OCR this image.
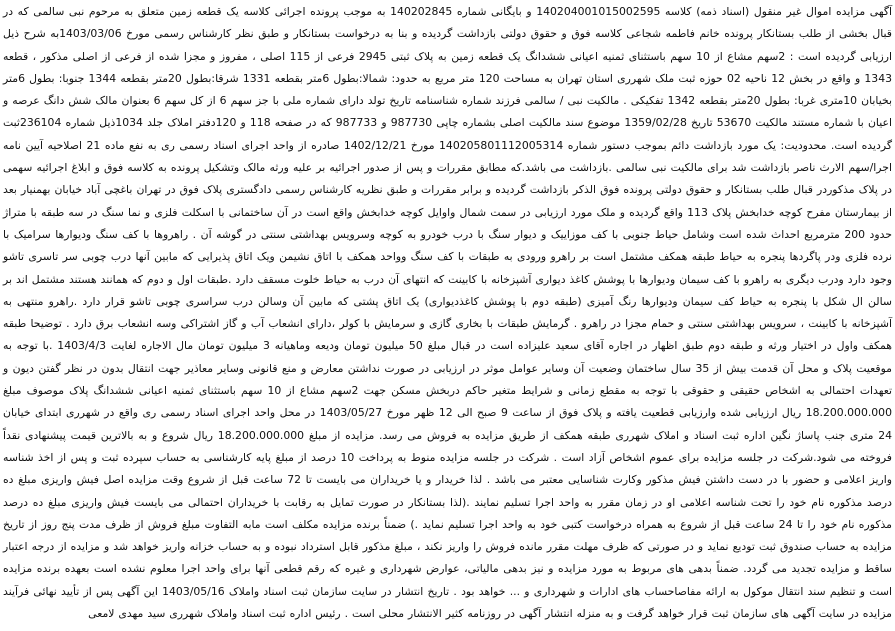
آگهی مزایده اموال غیر منقول (اسناد ذمه) کلاسه 140204001015002595 و بایگانی شماره 140202845 به موجب پرونده اجرائی کلاسه یک قطعه زمین متعلق به مرحوم نبی سالمی که در قبال بخشی از طلب بستانکار پرونده خانم فاطمه شجاعی کلاسه فوق و حقوق دولتی بازداشت گردیده و بنا به درخواست بستانکار و طبق نظر کارشناس رسمی مورخ 1403/03/06به شرح ذیل ارزیابی گردیده است : 2سهم مشاع از 10 سهم باستثنای ثمنیه اعیانی ششدانگ یک قطعه زمین به پلاک ثبتی 2945 فرعی از 115 اصلی ، مفروز و مجزا شده از فرعی از اصلی مذکور ، قطعه 1343 و واقع در بخش 12 ناحیه 02 حوزه ثبت ملک شهرری استان تهران به مساحت 120 متر مربع به حدود: شمالا:بطول 6متر بقطعه 1331 شرقا:بطول 20متر بقطعه 1344 جنوبا: بطول 6متر بخیابان 10متری غربا: بطول 20متر بقطعه 1342 تفکیکی . مالکیت نبی / سالمی فرزند شماره شناسنامه تاریخ تولد دارای شماره ملی با جز سهم 6 از کل سهم 6 بعنوان مالک شش دانگ عرصه و اعیان با شماره مستند مالکیت 53670 تاریخ 1359/02/28 موضوع سند مالکیت اصلی بشماره چاپی 987730 و 987733 که در صفحه 118 و 120دفتر املاک جلد 1034ذیل شماره 236104ثبت گردیده است. محدودیت: یک مورد بازداشت دائم بموجب دستور شماره 140205801112005314 مورخ 1402/12/21 صادره از واحد اجرای اسناد رسمی ری به نفع ماده 21 اصلاحیه آیین نامه اجرا/سهم الارث ناصر بازداشت شد برای مالکیت نبی سالمی .بازداشت می باشد.که مطابق مقررات و پس از صدور اجرائیه بر علیه ورثه مالک وتشکیل پرونده به کلاسه فوق و ابلاغ اجرائیه سهمی در پلاک مذکوردر قبال طلب بستانکار و حقوق دولتی پرونده فوق الذکر بازداشت گردیده و برابر مقررات و طبق نظریه کارشناس رسمی دادگستری پلاک فوق در تهران باغچی آباد خیابان بهمنیار بعد از بیمارستان مفرح کوچه خدابخش پلاک 113 واقع گردیده و ملک مورد ارزیابی در سمت شمال واوایل کوچه خدابخش واقع است در آن ساختمانی با اسکلت فلزی و نما سنگ در سه طبقه با متراژ حدود 200 مترمربع احداث شده است وشامل حیاط جنوبی با کف موزاییک و دیوار سنگ با درب خودرو به کوچه وسرویس بهداشتی سنتی در گوشه آن . راهروها با کف سنگ ودیوارها سرامیک با نرده فلزی ودر پاگردها پنجره به حیاط طبقه همکف مشتمل است بر راهرو ورودی به طبقات با کف سنگ وواحد همکف با اتاق نشیمن ویک اتاق پذیرایی که مابین آنها درب چوبی سر تاسری تاشو وجود دارد ودرب دیگری به راهرو با کف سیمان ودیوارها با پوشش کاغذ دیواری آشپزخانه با کابینت که انتهای آن درب به حیاط خلوت مسقف دارد .طبقات اول و دوم که همانند هستند مشتمل اند بر سالن ال شکل با پنجره به حیاط کف سیمان ودیوارها رنگ آمیزی (طبقه دوم با پوشش کاغذدیواری) یک اتاق پشتی که مابین آن وسالن درب سراسری چوبی تاشو قرار دارد .راهرو منتهی به آشپزخانه با کابینت ، سرویس بهداشتی سنتی و حمام مجزا در راهرو . گرمایش طبقات با بخاری گازی و سرمایش با کولر ،دارای انشعاب آب و گاز اشتراکی وسه انشعاب برق دارد . توضیحا طبقه همکف واول در اختیار ورثه و طبقه دوم طبق اظهار در اجاره آقای سعید علیزاده است در قبال مبلغ 50 میلیون تومان ودیعه وماهیانه 3 میلیون تومان مال الاجاره لغایت 1403/4/3 .با توجه به موقعیت پلاک و محل آن قدمت بیش از 35 سال ساختمان وضعیت آن وسایر عوامل موثر در ارزیابی در صورت نداشتن معارض و منع قانونی وسایر معاذیر جهت انتقال بدون در نظر گفتن دیون و تعهدات احتمالی به اشخاص حقیقی و حقوقی با توجه به مقطع زمانی و شرایط متغیر حاکم دربخش مسکن جهت 2سهم مشاع از 10 سهم باستثنای ثمنیه اعیانی ششدانگ پلاک موصوف مبلغ 18.200.000.000 ریال ارزیابی شده وارزیابی قطعیت یافته و پلاک فوق از ساعت 9 صبح الی 12 ظهر مورخ 1403/05/27 در محل واحد اجرای اسناد رسمی ری واقع در شهرری ابتدای خیابان 24 متری جنب پاساژ نگین اداره ثبت اسناد و املاک شهرری طبقه همکف از طریق مزایده به فروش می رسد. مزایده از مبلغ 18.200.000.000 ریال شروع و به بالاترین قیمت پیشنهادی نقداً فروخته می شود.شرکت در جلسه مزایده برای عموم اشخاص آزاد است . شرکت در جلسه مزایده منوط به پرداخت 10 درصد از مبلغ پایه کارشناسی به حساب سپرده ثبت و پس از اخذ شناسه واریز اعلامی و حضور با در دست داشتن فیش مذکور وکارت شناسایی معتبر می باشد . لذا خریدار و یا خریداران می بایست تا 72 ساعت قبل از شروع وقت مزایده اصل فیش واریزی مبلغ ده درصد مذکوره نام خود را تحت شناسه اعلامی او در زمان مقرر به واحد اجرا تسلیم نمایند .(لذا بستانکار در صورت تمایل به رقابت با خریداران احتمالی می بایست فیش واریزی مبلغ ده درصد مذکوره نام خود را تا 24 ساعت قبل از شروع به همراه درخواست کتبی خود به واحد اجرا تسلیم نماید .) ضمناً برنده مزایده مکلف است مابه التفاوت مبلغ فروش از ظرف مدت پنج روز از تاریخ مزایده به حساب صندوق ثبت توديع نمايد و در صورتی که ظرف مهلت مقرر مانده فروش را واریز نکند ، مبلغ مذکور قابل استرداد نبوده و به حساب خزانه واریز خواهد شد و مزایده از درجه اعتبار ساقط و مزایده تجدید می گردد. ضمناً بدهی های مربوط به مورد مزایده و نیز بدهی مالیاتی، عوارض شهرداری و غیره که رقم قطعی آنها برای واحد اجرا معلوم نشده است بعهده برنده مزایده است و تنظیم سند انتقال موکول به ارائه مفاصاحساب های ادارات و شهرداری و ... خواهد بود . تاریخ انتشار در سایت سازمان ثبت اسناد واملاک 1403/05/16 این آگهی پس از تأیید نهائی فرآیند مزایده در سایت آگهی های سازمان ثبت قرار خواهد گرفت و به منزله انتشار آگهی در روزنامه کثیر الانتشار محلی است . رئیس اداره ثبت اسناد واملاک شهرری سید مهدی لامعی
